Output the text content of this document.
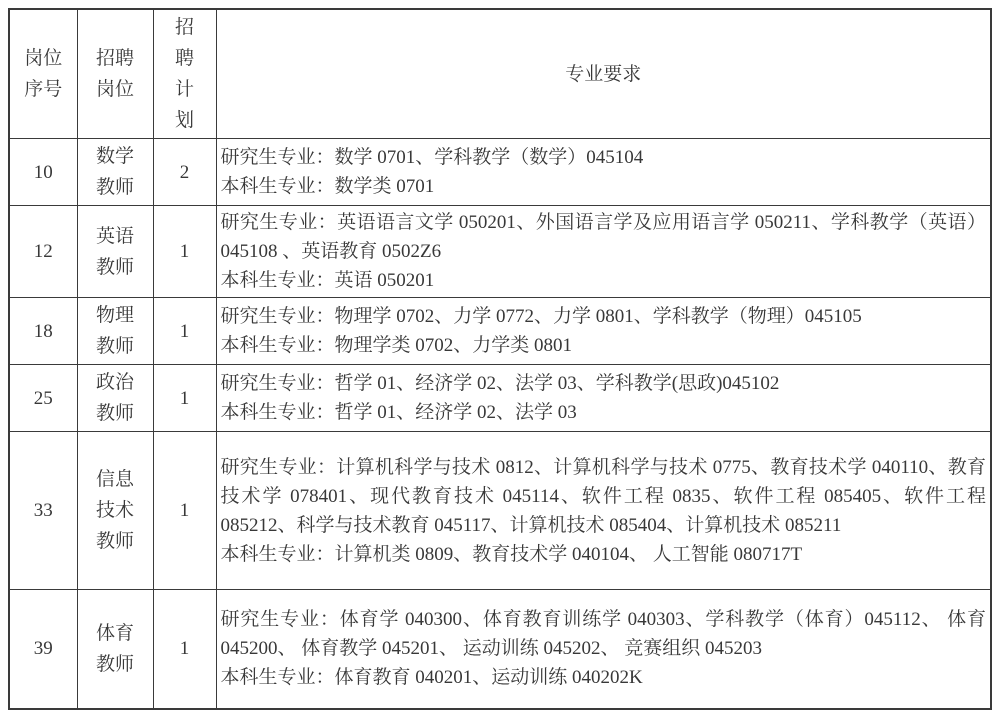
岗位序号	招聘岗位	招聘计划	专业要求
10	数学教师	2	研究生专业：数学 0701、学科教学（数学）045104
本科生专业：数学类 0701

12	英语教师	1	研究生专业：英语语言文学 050201、外国语言学及应用语言学 050211、学科教学（英语）045108 、英语教育 0502Z6
本科生专业：英语 050201

18	物理教师	1	研究生专业：物理学 0702、力学 0772、力学 0801、学科教学（物理）045105
本科生专业：物理学类 0702、力学类 0801

25	政治教师	1	研究生专业：哲学 01、经济学 02、法学 03、学科教学(思政)045102
本科生专业：哲学 01、经济学 02、法学 03

33	信息技术教师	1	研究生专业：计算机科学与技术 0812、计算机科学与技术 0775、教育技术学 040110、教育技术学 078401、现代教育技术 045114、软件工程 0835、软件工程 085405、软件工程 085212、科学与技术教育 045117、计算机技术 085404、计算机技术 085211
本科生专业：计算机类 0809、教育技术学 040104、 人工智能 080717T

39	体育教师	1	研究生专业：体育学 040300、体育教育训练学 040303、学科教学（体育）045112、 体育 045200、 体育教学 045201、 运动训练 045202、 竞赛组织 045203
本科生专业：体育教育 040201、运动训练 040202K
